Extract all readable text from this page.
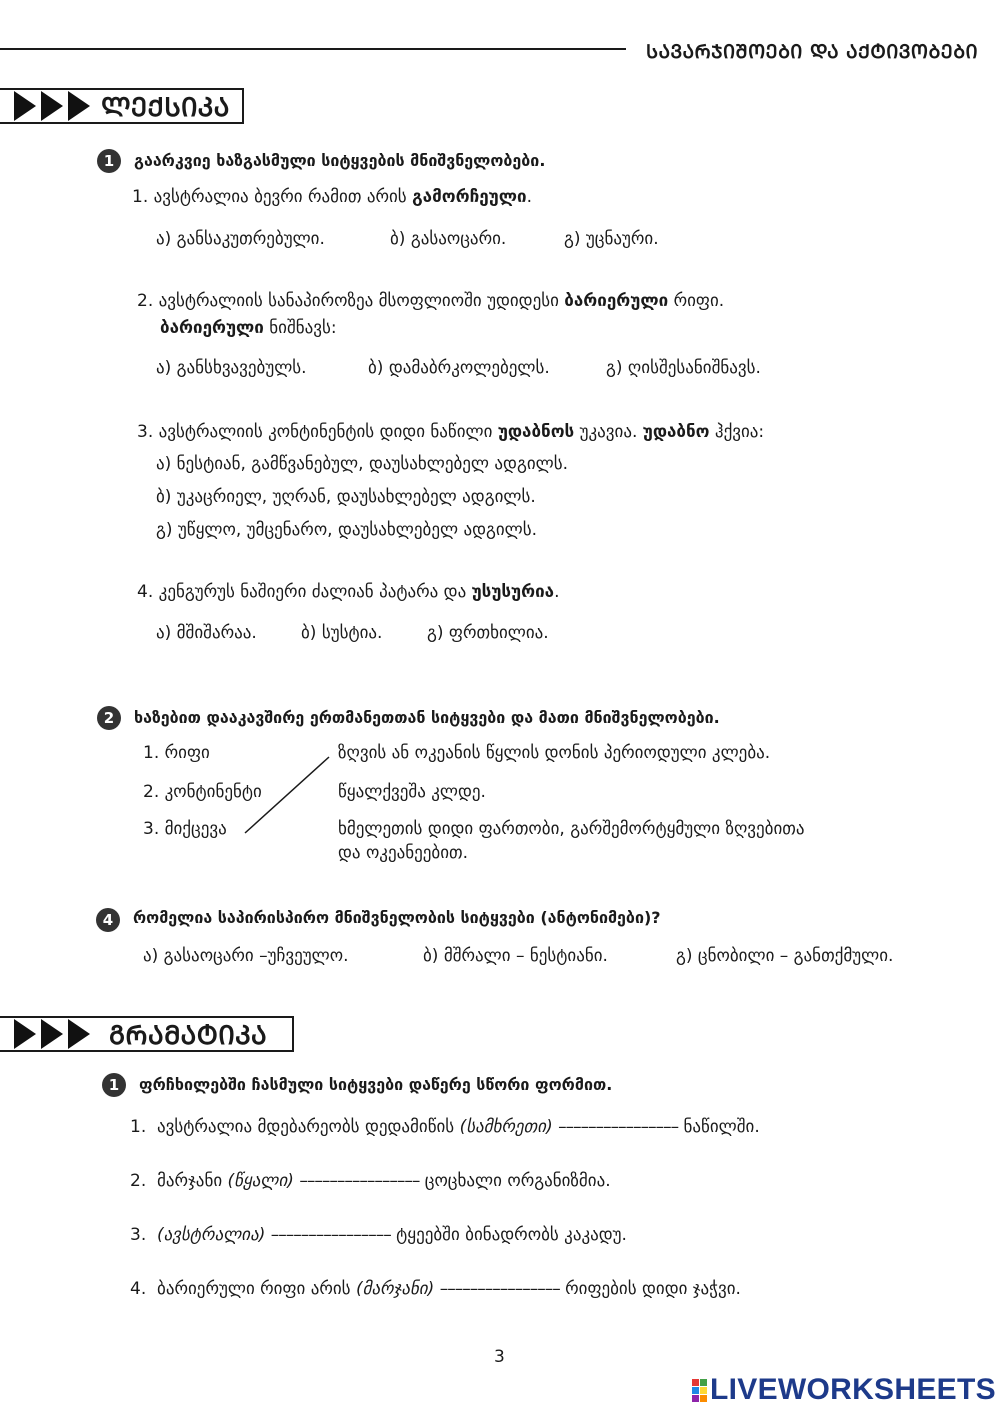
ᲡᲐᲕᲐᲠᲯᲘᲨᲝᲔᲑᲘ ᲓᲐ ᲐᲥᲢᲘᲕᲝᲑᲔᲑᲘ
ᲚᲔᲥᲡᲘᲙᲐ
1	გაარკვიე ხაზგასმული სიტყვების მნიშვნელობები.
1. ავსტრალია ბევრი რამით არის გამორჩეული.
ა) განსაკუთრებული.	ბ) გასაოცარი.	გ) უცნაური.
2. ავსტრალიის სანაპიროზეა მსოფლიოში უდიდესი ბარიერული რიფი.
ბარიერული ნიშნავს:
ა) განსხვავებულს.	ბ) დამაბრკოლებელს.	გ) ღისშესანიშნავს.
3. ავსტრალიის კონტინენტის დიდი ნაწილი უდაბნოს უკავია. უდაბნო ჰქვია:
ა) ნესტიან, გამწვანებულ, დაუსახლებელ ადგილს.
ბ) უკაცრიელ, უღრან, დაუსახლებელ ადგილს.
გ) უწყლო, უმცენარო, დაუსახლებელ ადგილს.
4. კენგურუს ნაშიერი ძალიან პატარა და უსუსურია.
ა) მშიშარაა.	ბ) სუსტია.	გ) ფრთხილია.
2	ხაზებით დააკავშირე ერთმანეთთან სიტყვები და მათი მნიშვნელობები.
1. რიფი
2. კონტინენტი
3. მიქცევა
ზღვის ან ოკეანის წყლის დონის პერიოდული კლება.
წყალქვეშა კლდე.
ხმელეთის დიდი ფართობი, გარშემორტყმული ზღვებითა
და ოკეანეებით.
4	რომელია საპირისპირო მნიშვნელობის სიტყვები (ანტონიმები)?
ა) გასაოცარი –უჩვეულო.	ბ) მშრალი – ნესტიანი.	გ) ცნობილი – განთქმული.
ᲒᲠᲐᲛᲐᲢᲘᲙᲐ
1	ფრჩხილებში ჩასმული სიტყვები დაწერე სწორი ფორმით.
1. ავსტრალია მდებარეობს დედამიწის (სამხრეთი) –––––––––––––––– ნაწილში.
2. მარჯანი (წყალი) –––––––––––––––– ცოცხალი ორგანიზმია.
3. (ავსტრალია) –––––––––––––––– ტყეებში ბინადრობს კაკადუ.
4. ბარიერული რიფი არის (მარჯანი) –––––––––––––––– რიფების დიდი ჯაჭვი.
3
LIVEWORKSHEETS
